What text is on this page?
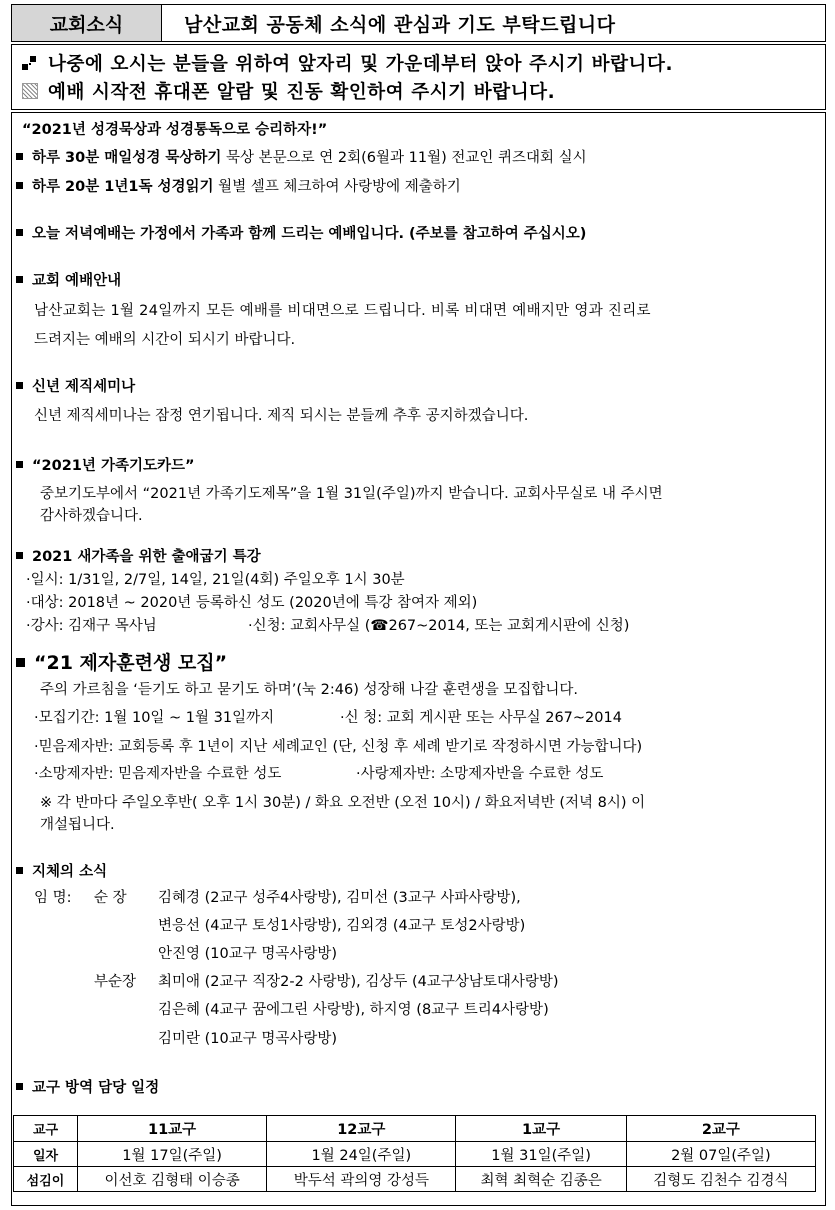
교회소식	남산교회 공동체 소식에 관심과 기도 부탁드립니다
나중에 오시는 분들을 위하여 앞자리 및 가운데부터 앉아 주시기 바랍니다.
예배 시작전 휴대폰 알람 및 진동 확인하여 주시기 바랍니다.
“2021년 성경묵상과 성경통독으로 승리하자!”
하루 30분 매일성경 묵상하기 묵상 본문으로 연 2회(6월과 11월) 전교인 퀴즈대회 실시
하루 20분 1년1독 성경읽기 월별 셀프 체크하여 사랑방에 제출하기
오늘 저녁예배는 가정에서 가족과 함께 드리는 예배입니다. (주보를 참고하여 주십시오)
교회 예배안내
남산교회는 1월 24일까지 모든 예배를 비대면으로 드립니다. 비록 비대면 예배지만 영과 진리로
드려지는 예배의 시간이 되시기 바랍니다.
신년 제직세미나
신년 제직세미나는 잠정 연기됩니다. 제직 되시는 분들께 추후 공지하겠습니다.
“2021년 가족기도카드”
중보기도부에서 “2021년 가족기도제목”을 1월 31일(주일)까지 받습니다. 교회사무실로 내 주시면
감사하겠습니다.
2021 새가족을 위한 출애굽기 특강
·일시: 1/31일, 2/7일, 14일, 21일(4회) 주일오후 1시 30분
·대상: 2018년 ~ 2020년 등록하신 성도 (2020년에 특강 참여자 제외)
·강사: 김재구 목사님	·신청: 교회사무실 (☎267~2014, 또는 교회게시판에 신청)
“21 제자훈련생 모집”
주의 가르침을 ‘듣기도 하고 묻기도 하며’(눅 2:46) 성장해 나갈 훈련생을 모집합니다.
·모집기간: 1월 10일 ~ 1월 31일까지	·신 청: 교회 게시판 또는 사무실 267~2014
·믿음제자반: 교회등록 후 1년이 지난 세례교인 (단, 신청 후 세례 받기로 작정하시면 가능합니다)
·소망제자반: 믿음제자반을 수료한 성도	·사랑제자반: 소망제자반을 수료한 성도
※ 각 반마다 주일오후반( 오후 1시 30분) / 화요 오전반 (오전 10시) / 화요저녁반 (저녁 8시) 이
개설됩니다.
지체의 소식
임 명: 순 장 김혜경 (2교구 성주4사랑방), 김미선 (3교구 사파사랑방),
변응선 (4교구 토성1사랑방), 김외경 (4교구 토성2사랑방)
안진영 (10교구 명곡사랑방)
부순장 최미애 (2교구 직장2-2 사랑방), 김상두 (4교구상남토대사랑방)
김은혜 (4교구 꿈에그린 사랑방), 하지영 (8교구 트리4사랑방)
김미란 (10교구 명곡사랑방)
교구 방역 담당 일정
교구	11교구	12교구	1교구	2교구
일자	1월 17일(주일)	1월 24일(주일)	1월 31일(주일)	2월 07일(주일)
섬김이	이선호 김형태 이승종	박두석 곽의영 강성득	최혁 최혁순 김종은	김형도 김천수 김경식
